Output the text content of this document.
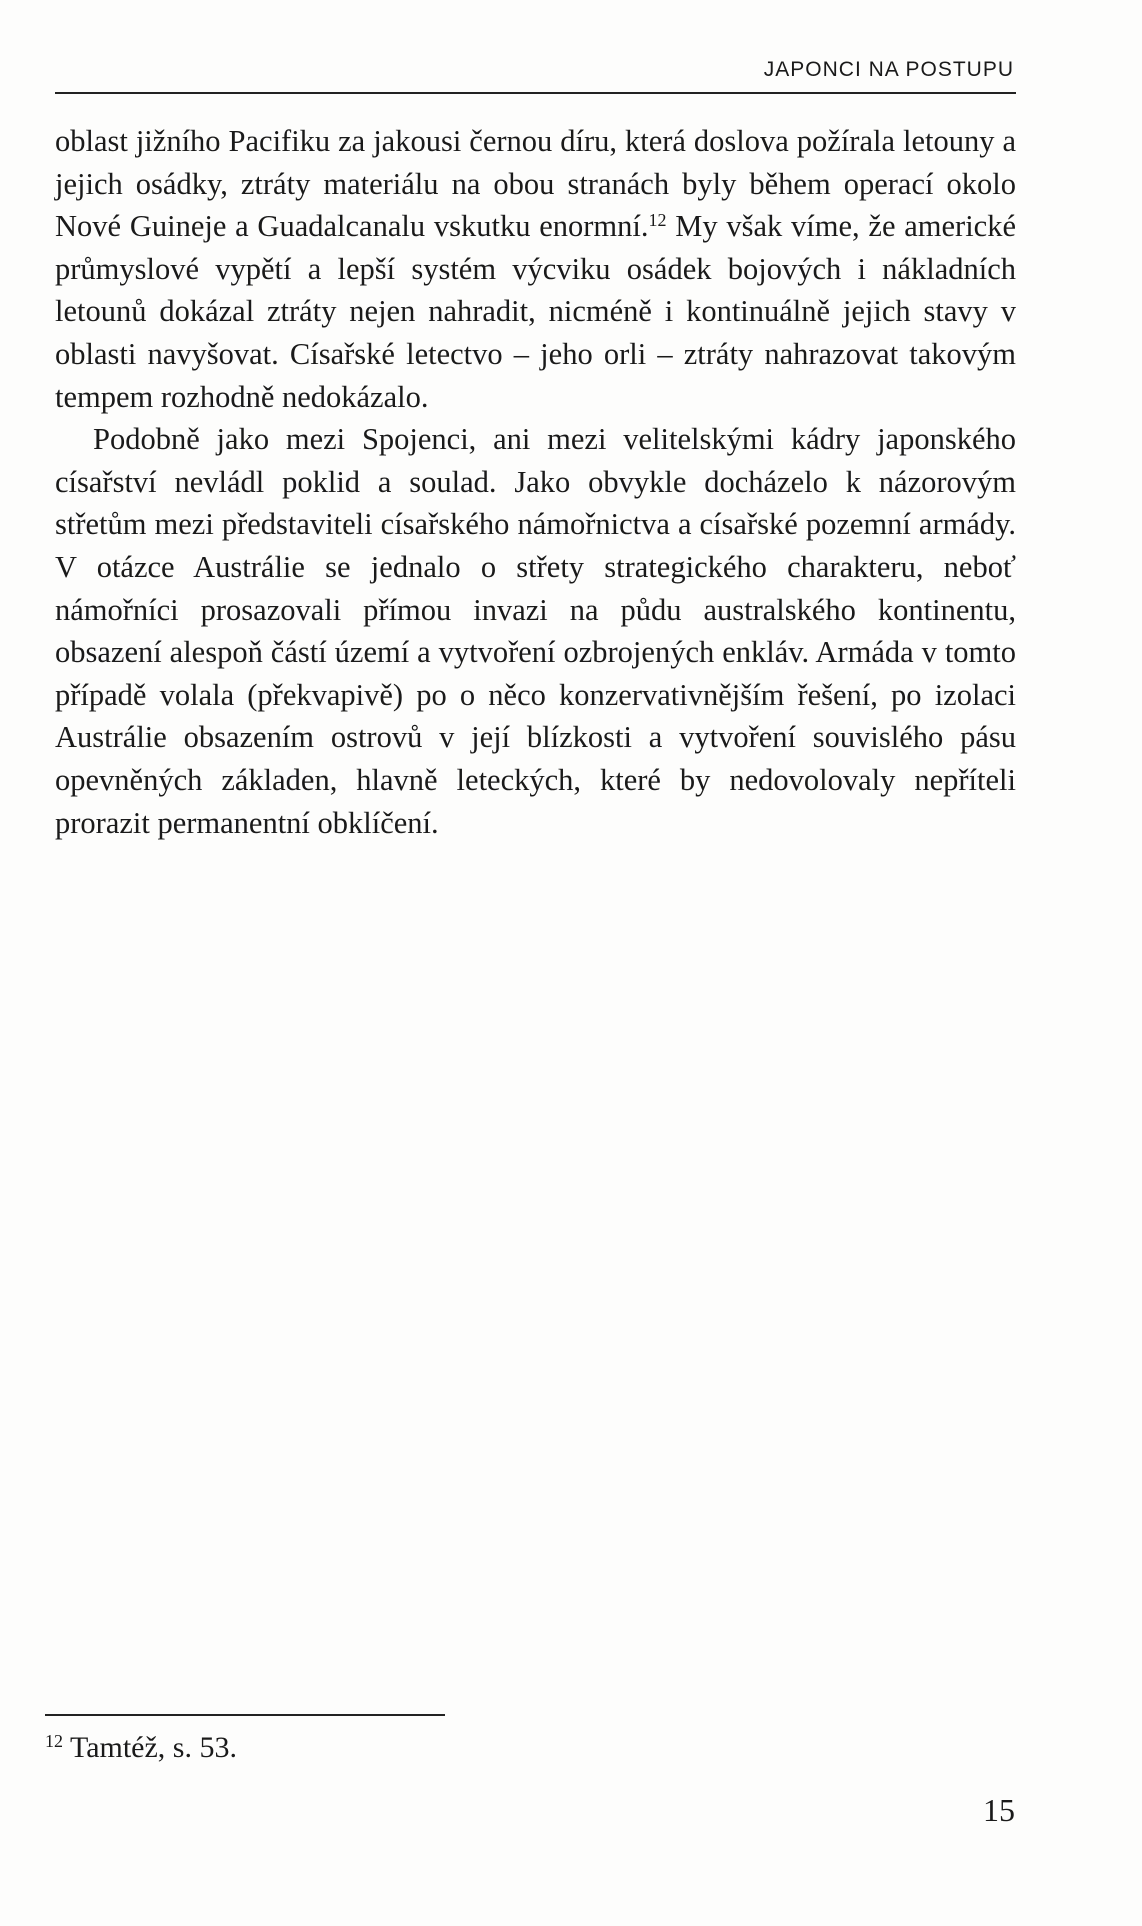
JAPONCI NA POSTUPU

oblast jižního Pacifiku za jakousi černou díru, která doslova požírala letouny a jejich osádky, ztráty materiálu na obou stranách byly během operací okolo Nové Guineje a Guadalcanalu vskutku enormní.$^{12}$ My však víme, že americké průmyslové vypětí a lepší systém výcviku osádek bojových i nákladních letounů dokázal ztráty nejen nahradit, nicméně i kontinuálně jejich stavy v oblasti navyšovat. Císařské letectvo – jeho orli – ztráty nahrazovat takovým tempem rozhodně nedokázalo.

Podobně jako mezi Spojenci, ani mezi velitelskými kádry japonského císařství nevládl poklid a soulad. Jako obvykle docházelo k názorovým střetům mezi představiteli císařského námořnictva a císařské pozemní armády. V otázce Austrálie se jednalo o střety strategického charakteru, neboť námořníci prosazovali přímou invazi na půdu australského kontinentu, obsazení alespoň částí území a vytvoření ozbrojených enkláv. Armáda v tomto případě volala (překvapivě) po o něco konzervativnějším řešení, po izolaci Austrálie obsazením ostrovů v její blízkosti a vytvoření souvislého pásu opevněných základen, hlavně leteckých, které by nedovolovaly nepříteli prorazit permanentní obklíčení.

$^{12}$ Tamtéž, s. 53.
15
